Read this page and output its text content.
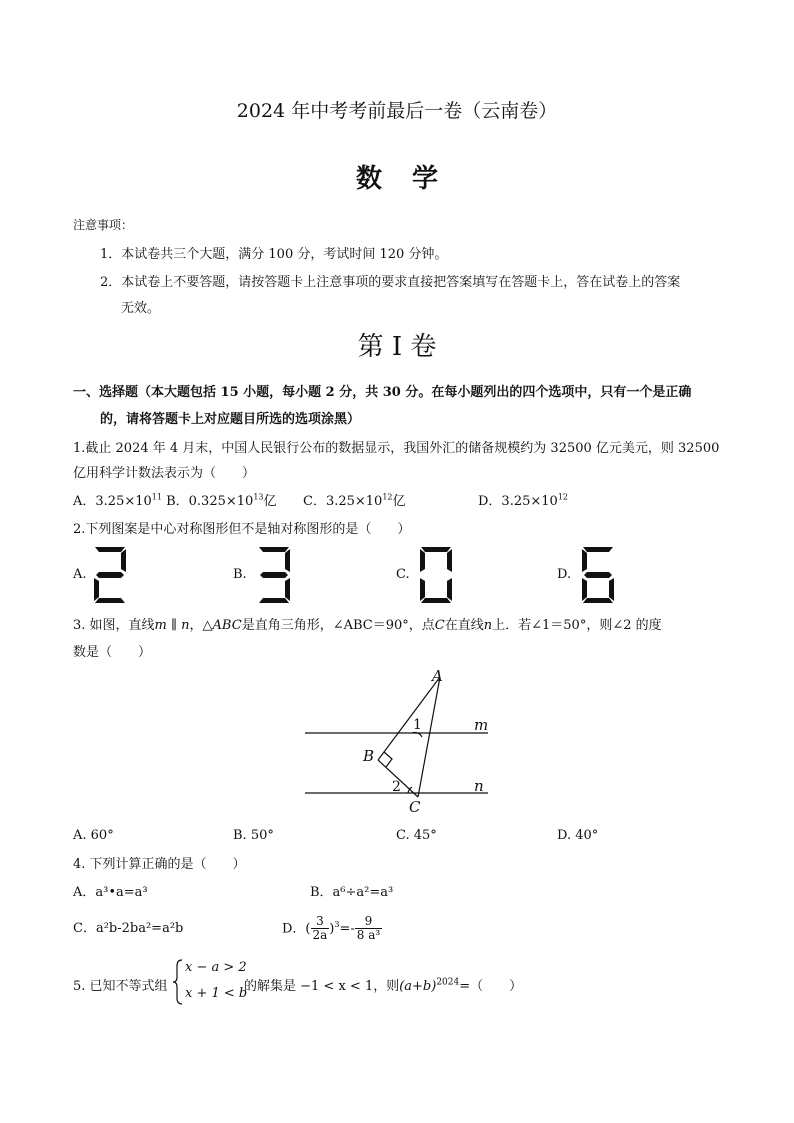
2024 年中考考前最后一卷（云南卷）
数学
注意事项：
1．本试卷共三个大题，满分 100 分，考试时间 120 分钟。
2．本试卷上不要答题，请按答题卡上注意事项的要求直接把答案填写在答题卡上，答在试卷上的答案
无效。
第 I 卷
一、选择题（本大题包括 15 小题，每小题 2 分，共 30 分。在每小题列出的四个选项中，只有一个是正确
的，请将答题卡上对应题目所选的选项涂黑）
1.截止 2024 年 4 月末，中国人民银行公布的数据显示，我国外汇的储备规模约为 32500 亿元美元，则 32500
亿用科学计数法表示为（　　）
A．$3.25\times 10^{11}$ B．$0.325\times 10^{13}$亿 C．$3.25\times 10^{12}$亿	D．$3.25\times 10^{12}$
2.下列图案是中心对称图形但不是轴对称图形的是（　　）
A.	B.	C.	D.
3. 如图，直线m ∥ n，△ABC是直角三角形，∠ABC＝90°，点C在直线n上．若∠1＝50°，则∠2 的度
数是（　　）
A
B
C
m
n
1
2
A. 60°	B. 50°	C. 45°	D. 40°
4. 下列计算正确的是（　　）
A．a³•a=a³	B．a⁶÷a²=a³
C．a²b-2ba²=a²b	D．( $\frac{3}{2a} )^3=- \frac{9}{\text{8 a³}}$
5. 已知不等式组
x − a > 2
x + 1 < b
的解集是 −1 < x < 1，则$(a+b)^{2024}=$（　　）
